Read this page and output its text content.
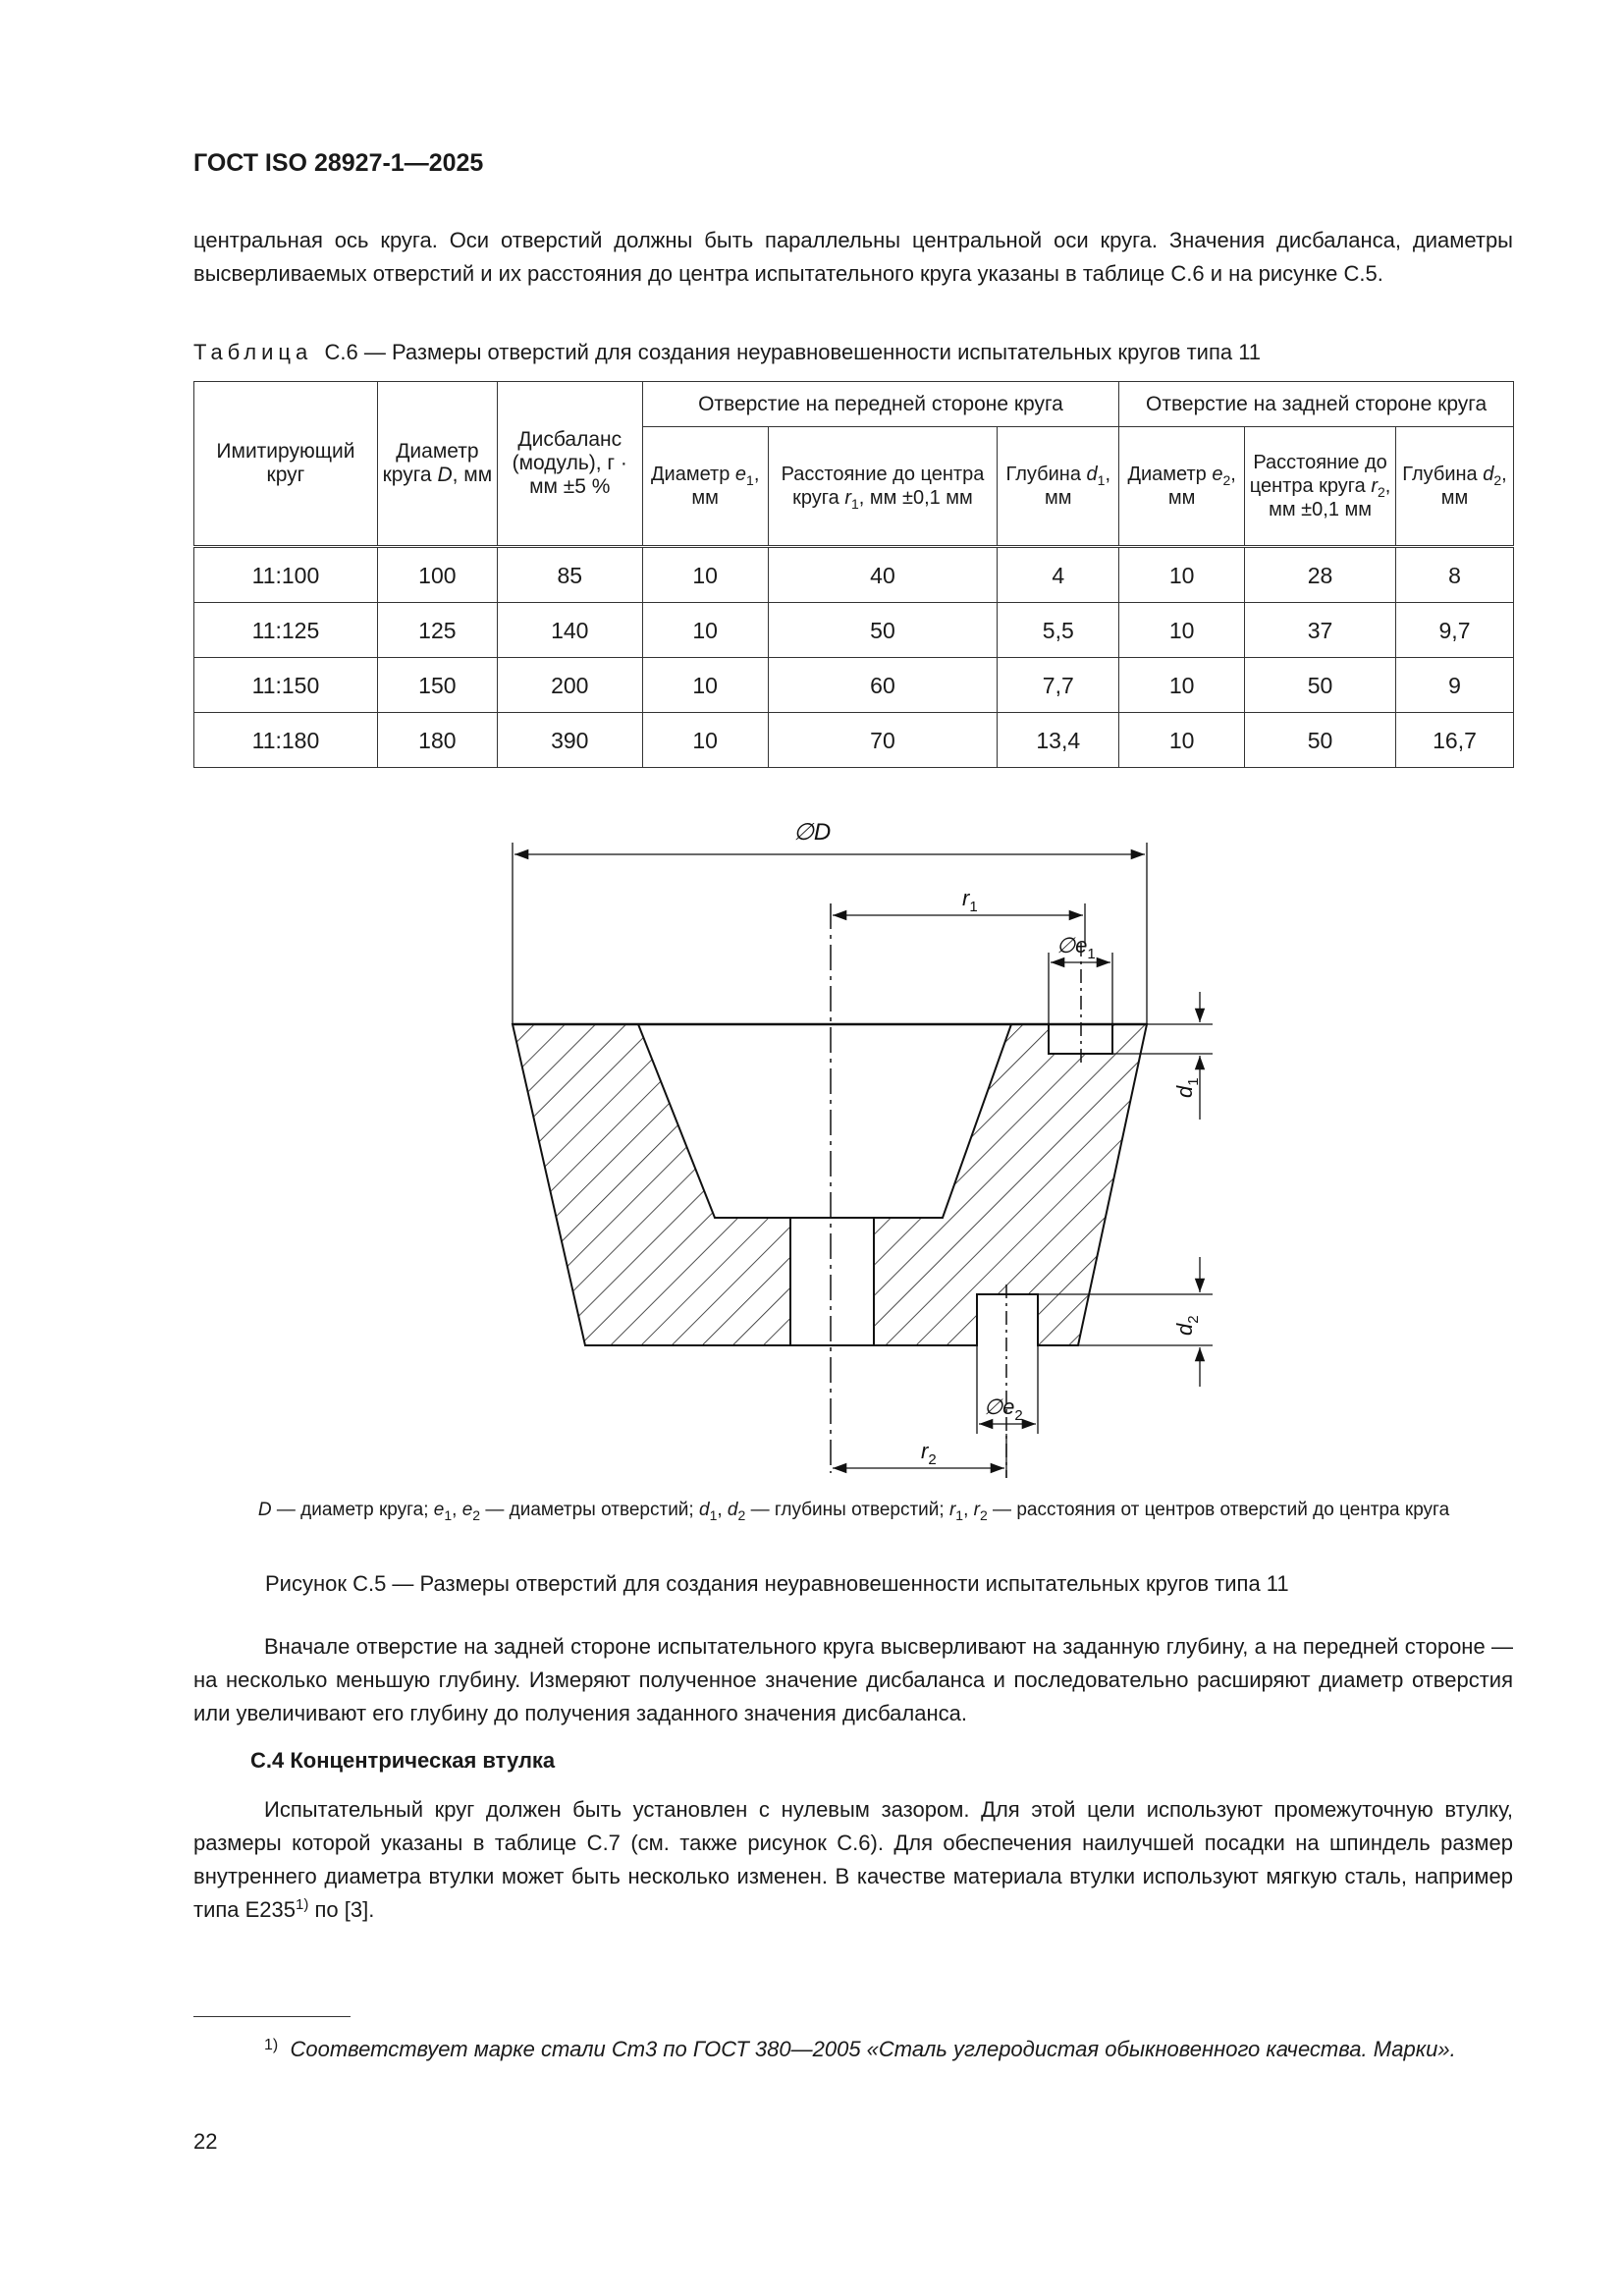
ГОСТ ISO 28927-1—2025
центральная ось круга. Оси отверстий должны быть параллельны центральной оси круга. Значения дисбаланса, диаметры высверливаемых отверстий и их расстояния до центра испытательного круга указаны в таблице С.6 и на рисунке С.5.
Таблица С.6 — Размеры отверстий для создания неуравновешенности испытательных кругов типа 11
Имитирующий круг	Диаметр круга D, мм	Дисбаланс (модуль), г · мм ±5 %	Отверстие на передней стороне круга			Отверстие на задней стороне круга		
			Диаметр $e_1$, мм	Расстояние до центра круга $r_1$, мм ±0,1 мм	Глубина $d_1$, мм	Диаметр $e_2$, мм	Расстояние до центра круга $r_2$, мм ±0,1 мм	Глубина $d_2$, мм
11:100	100	85	10	40	4	10	28	8
11:125	125	140	10	50	5,5	10	37	9,7
11:150	150	200	10	60	7,7	10	50	9
11:180	180	390	10	70	13,4	10	50	16,7
∅D
$r_1$
$\emptyset e_1$
$d_1$
$d_2$
$\emptyset e_2$
$r_2$
D — диаметр круга; $e_1$, $e_2$ — диаметры отверстий; $d_1$, $d_2$ — глубины отверстий; $r_1$, $r_2$ — расстояния от центров отверстий до центра круга
Рисунок С.5 — Размеры отверстий для создания неуравновешенности испытательных кругов типа 11
Вначале отверстие на задней стороне испытательного круга высверливают на заданную глубину, а на передней стороне — на несколько меньшую глубину. Измеряют полученное значение дисбаланса и последовательно расширяют диаметр отверстия или увеличивают его глубину до получения заданного значения дисбаланса.
С.4 Концентрическая втулка
Испытательный круг должен быть установлен с нулевым зазором. Для этой цели используют промежуточную втулку, размеры которой указаны в таблице С.7 (см. также рисунок С.6). Для обеспечения наилучшей посадки на шпиндель размер внутреннего диаметра втулки может быть несколько изменен. В качестве материала втулки используют мягкую сталь, например типа Е235$^{1)}$ по [3].
$^{1)}$ Соответствует марке стали Ст3 по ГОСТ 380—2005 «Сталь углеродистая обыкновенного качества. Марки».
22
